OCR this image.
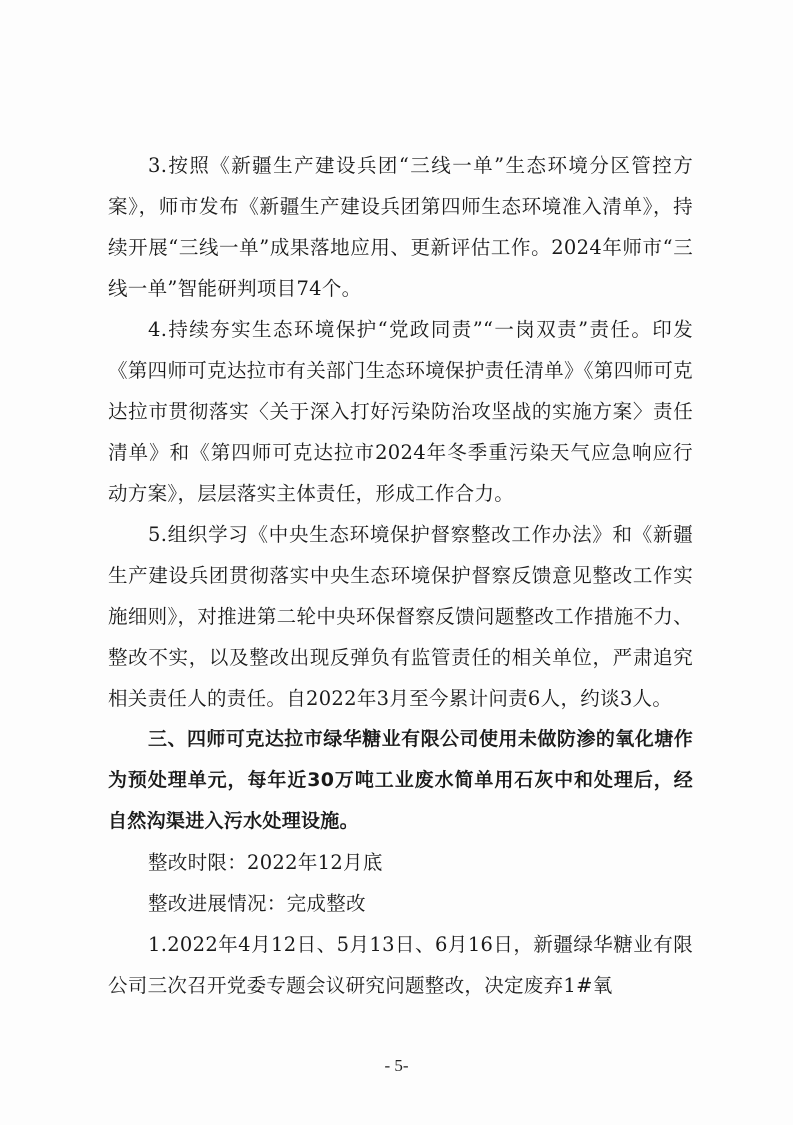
3.按照《新疆生产建设兵团“三线一单”生态环境分区管控方案》，师市发布《新疆生产建设兵团第四师生态环境准入清单》，持续开展“三线一单”成果落地应用、更新评估工作。2024年师市“三线一单”智能研判项目74个。

4.持续夯实生态环境保护“党政同责”“一岗双责”责任。印发《第四师可克达拉市有关部门生态环境保护责任清单》《第四师可克达拉市贯彻落实〈关于深入打好污染防治攻坚战的实施方案〉责任清单》和《第四师可克达拉市2024年冬季重污染天气应急响应行动方案》，层层落实主体责任，形成工作合力。

5.组织学习《中央生态环境保护督察整改工作办法》和《新疆生产建设兵团贯彻落实中央生态环境保护督察反馈意见整改工作实施细则》，对推进第二轮中央环保督察反馈问题整改工作措施不力、整改不实，以及整改出现反弹负有监管责任的相关单位，严肃追究相关责任人的责任。自2022年3月至今累计问责6人，约谈3人。

三、四师可克达拉市绿华糖业有限公司使用未做防渗的氧化塘作为预处理单元，每年近30万吨工业废水简单用石灰中和处理后，经自然沟渠进入污水处理设施。

整改时限：2022年12月底

整改进展情况：完成整改

1.2022年4月12日、5月13日、6月16日，新疆绿华糖业有限公司三次召开党委专题会议研究问题整改，决定废弃1#氧

- 5-
